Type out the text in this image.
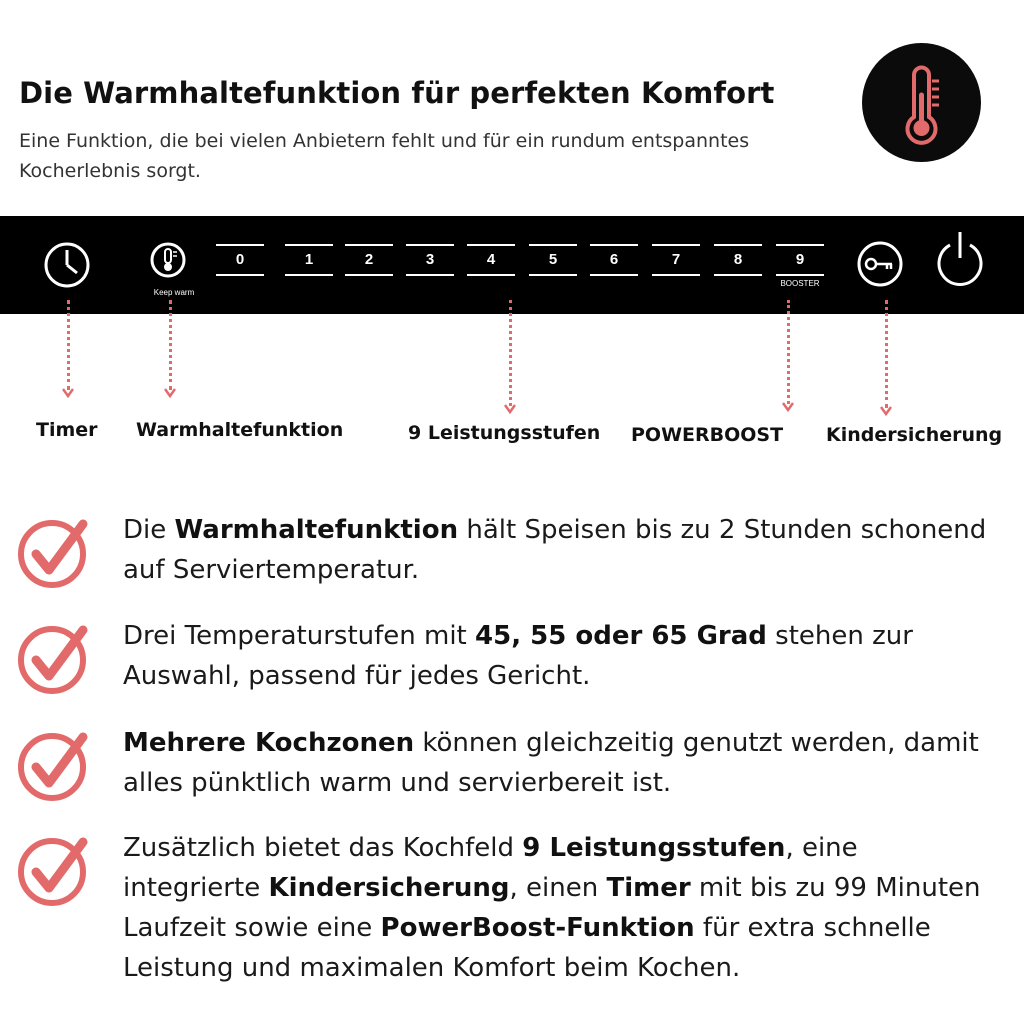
Die Warmhaltefunktion für perfekten Komfort
Eine Funktion, die bei vielen Anbietern fehlt und für ein rundum entspanntes Kocherlebnis sorgt.
Keep warm
0	1	2	3	4	5	6	7	8	9
BOOSTER
Timer Warmhaltefunktion	9 Leistungsstufen POWERBOOST Kindersicherung
Die Warmhaltefunktion hält Speisen bis zu 2 Stunden schonend auf Serviertemperatur.
Drei Temperaturstufen mit 45, 55 oder 65 Grad stehen zur Auswahl, passend für jedes Gericht.
Mehrere Kochzonen können gleichzeitig genutzt werden, damit alles pünktlich warm und servierbereit ist.
Zusätzlich bietet das Kochfeld 9 Leistungsstufen, eine integrierte Kindersicherung, einen Timer mit bis zu 99 Minuten Laufzeit sowie eine PowerBoost-Funktion für extra schnelle Leistung und maximalen Komfort beim Kochen.
